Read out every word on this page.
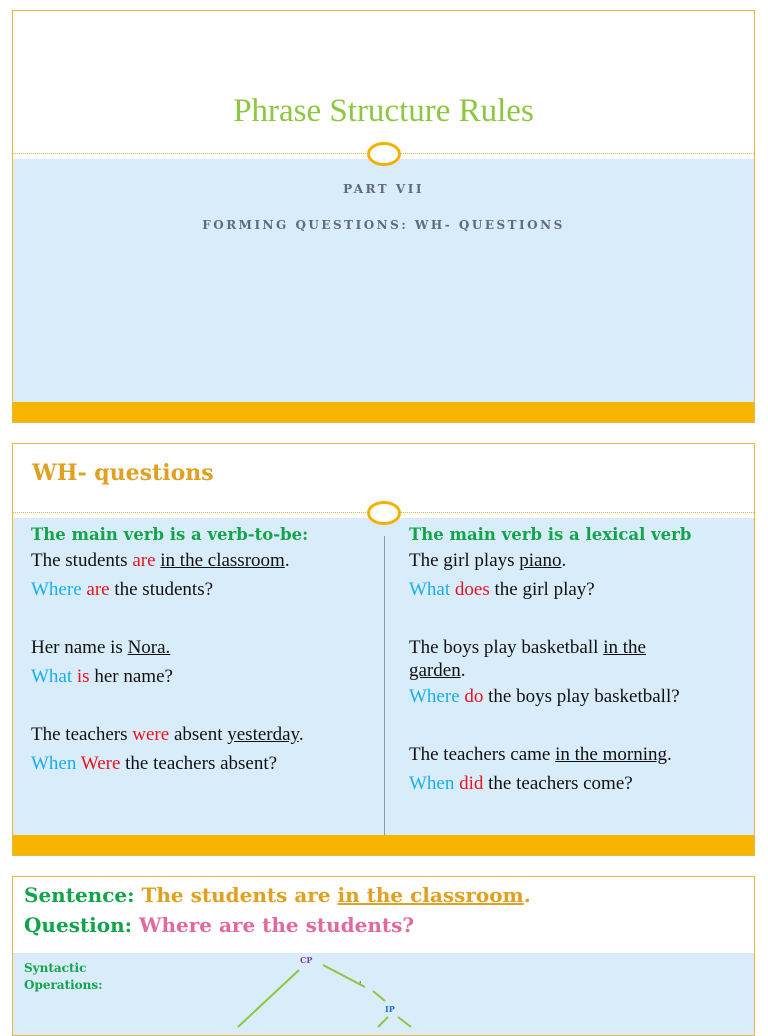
Phrase Structure Rules
PART VII
FORMING QUESTIONS: WH- QUESTIONS
WH- questions
The main verb is a verb-to-be:
The students are in the classroom.
Where are the students?
Her name is Nora.
What is her name?
The teachers were absent yesterday.
When Were the teachers absent?
The main verb is a lexical verb
The girl plays piano.
What does the girl play?
The boys play basketball in the
garden.
Where do the boys play basketball?
The teachers came in the morning.
When did the teachers come?
Sentence: The students are in the classroom.
Question: Where are the students?
Syntactic
Operations:
CP
'
IP
